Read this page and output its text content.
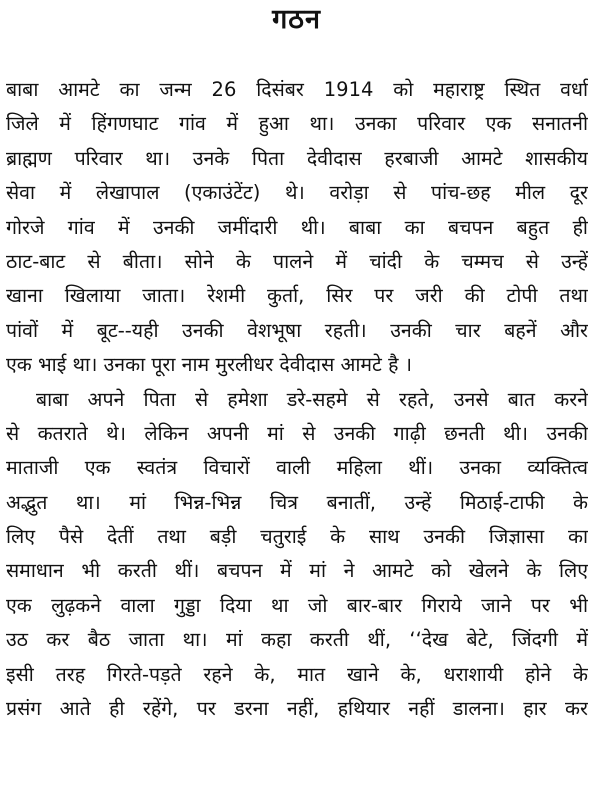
गठन
बाबा आमटे का जन्म 26 दिसंबर 1914 को महाराष्ट्र स्थित वर्धा
जिले में हिंगणघाट गांव में हुआ था। उनका परिवार एक सनातनी
ब्राह्मण परिवार था। उनके पिता देवीदास हरबाजी आमटे शासकीय
सेवा में लेखापाल (एकाउंटेंट) थे। वरोड़ा से पांच-छह मील दूर
गोरजे गांव में उनकी जमींदारी थी। बाबा का बचपन बहुत ही
ठाट-बाट से बीता। सोने के पालने में चांदी के चम्मच से उन्हें
खाना खिलाया जाता। रेशमी कुर्ता, सिर पर जरी की टोपी तथा
पांवों में बूट--यही उनकी वेशभूषा रहती। उनकी चार बहनें और
एक भाई था। उनका पूरा नाम मुरलीधर देवीदास आमटे है ।
बाबा अपने पिता से हमेशा डरे-सहमे से रहते, उनसे बात करने
से कतराते थे। लेकिन अपनी मां से उनकी गाढ़ी छनती थी। उनकी
माताजी एक स्वतंत्र विचारों वाली महिला थीं। उनका व्यक्तित्व
अद्भुत था। मां भिन्न-भिन्न चित्र बनातीं, उन्हें मिठाई-टाफी के
लिए पैसे देतीं तथा बड़ी चतुराई के साथ उनकी जिज्ञासा का
समाधान भी करती थीं। बचपन में मां ने आमटे को खेलने के लिए
एक लुढ़कने वाला गुड्डा दिया था जो बार-बार गिराये जाने पर भी
उठ कर बैठ जाता था। मां कहा करती थीं, ‘‘देख बेटे, जिंदगी में
इसी तरह गिरते-पड़ते रहने के, मात खाने के, धराशायी होने के
प्रसंग आते ही रहेंगे, पर डरना नहीं, हथियार नहीं डालना। हार कर
